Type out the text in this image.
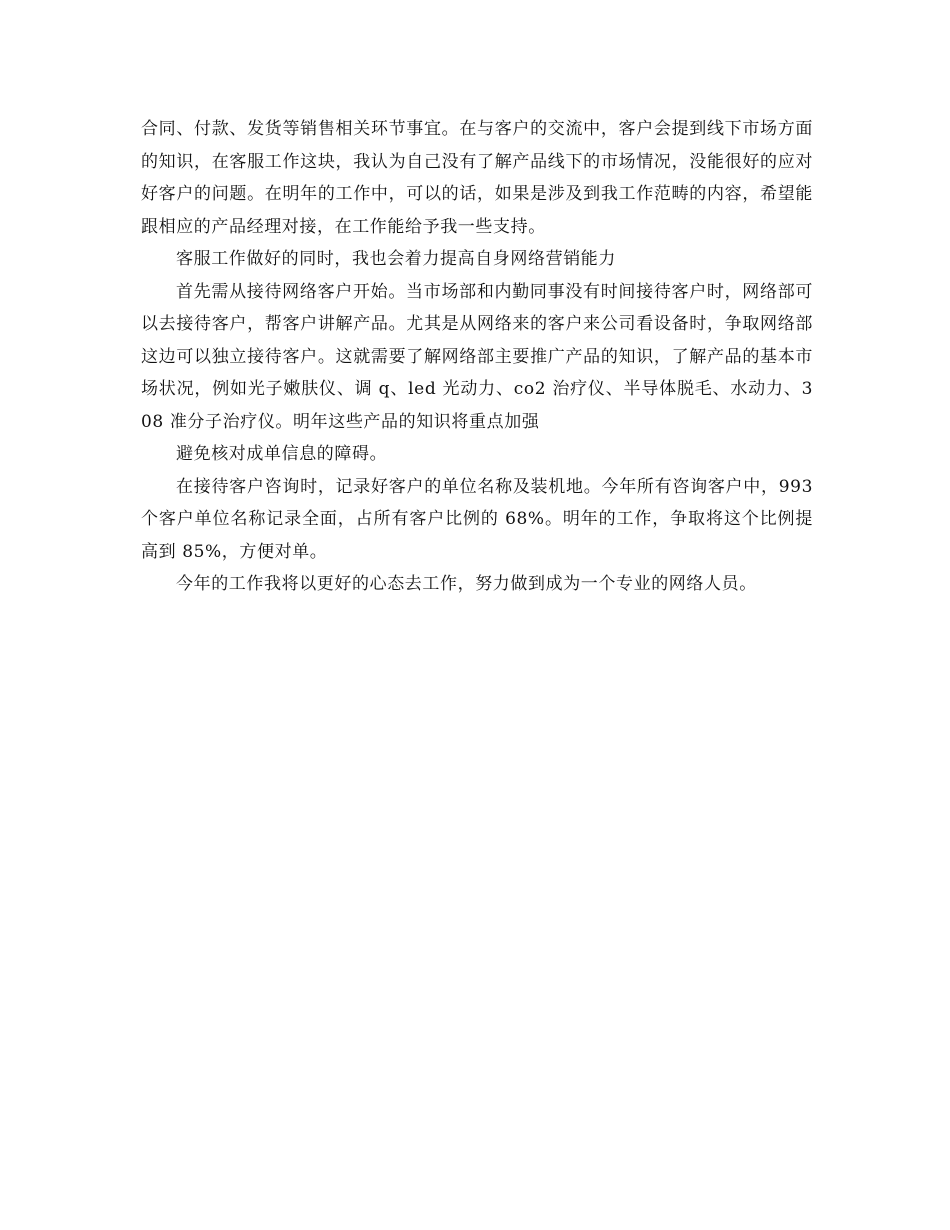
合同、付款、发货等销售相关环节事宜。在与客户的交流中，客户会提到线下市场方面的知识，在客服工作这块，我认为自己没有了解产品线下的市场情况，没能很好的应对好客户的问题。在明年的工作中，可以的话，如果是涉及到我工作范畴的内容，希望能跟相应的产品经理对接，在工作能给予我一些支持。

客服工作做好的同时，我也会着力提高自身网络营销能力

首先需从接待网络客户开始。当市场部和内勤同事没有时间接待客户时，网络部可以去接待客户，帮客户讲解产品。尤其是从网络来的客户来公司看设备时，争取网络部这边可以独立接待客户。这就需要了解网络部主要推广产品的知识，了解产品的基本市场状况，例如光子嫩肤仪、调 q、led 光动力、co2 治疗仪、半导体脱毛、水动力、308 准分子治疗仪。明年这些产品的知识将重点加强

避免核对成单信息的障碍。

在接待客户咨询时，记录好客户的单位名称及装机地。今年所有咨询客户中，993 个客户单位名称记录全面，占所有客户比例的 68%。明年的工作，争取将这个比例提高到 85%，方便对单。

今年的工作我将以更好的心态去工作，努力做到成为一个专业的网络人员。
